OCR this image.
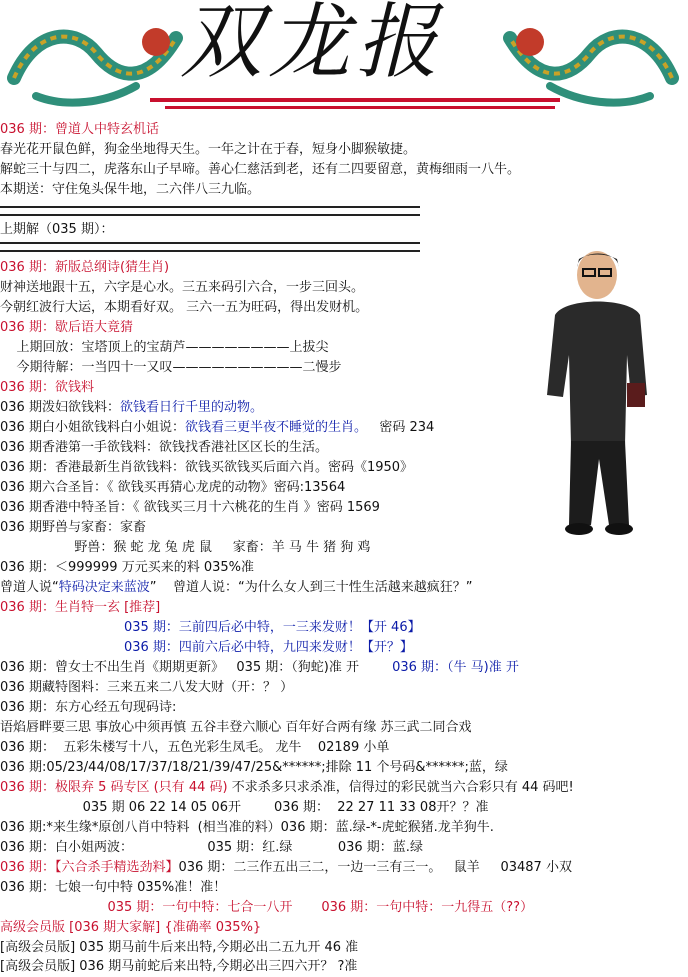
双龙报
036 期：曾道人中特玄机话
春光花开鼠色鲜，狗金坐地得天生。一年之计在于春，短身小脚猴敏捷。
解蛇三十与四二，虎落东山子早啼。善心仁慈活到老，还有二四要留意，黄梅细雨一八牛。
本期送：守住兔头保牛地，二六伴八三九临。
上期解（035 期）：
036 期：新版总纲诗(猜生肖)
财神送地跟十五，六字是心水。三五来码引六合，一步三回头。
今朝红波行大运，本期看好双。 三六一五为旺码，得出发财机。
036 期：歇后语大竟猜
上期回放：宝塔顶上的宝葫芦————————上拔尖
今期待解：一当四十一又叹——————————二慢步
036 期：欲钱料
036 期泼妇欲钱料：欲钱看日行千里的动物。
036 期白小姐欲钱料白小姐说：欲钱看三更半夜不睡觉的生肖。   密码 234
036 期香港第一手欲钱料：欲钱找香港社区区长的生活。
036 期：香港最新生肖欲钱料：欲钱买欲钱买后面六肖。密码《1950》
036 期六合圣旨：《 欲钱买再猜心龙虎的动物》密码:13564
036 期香港中特圣旨：《 欲钱买三月十六桃花的生肖 》密码 1569
036 期野兽与家畜：家畜
野兽：猴 蛇 龙 兔 虎 鼠     家畜：羊 马 牛 猪 狗 鸡
036 期：＜999999 万元买来的料 035%准
曾道人说“特码决定来蓝波”    曾道人说：“为什么女人到三十性生活越来越疯狂？”
036 期：生肖特一玄 [推荐]
035 期：三前四后必中特，一三来发财！【开 46】
036 期：四前六后必中特，九四来发财！【开？】
036 期：曾女士不出生肖《期期更新》   035 期：（狗蛇)准 开        036 期：（牛 马)准 开
036 期藏特图料：三来五来二八发大财（开：？ ）
036 期：东方心经五句现码诗:
语焰唇畔要三思 事放心中须再慎 五谷丰登六顺心 百年好合两有缘 苏三武二同合戏
036 期：  五彩朱楼写十八，五色光彩生凤毛。 龙牛    02189 小单
036 期:05/23/44/08/17/37/18/21/39/47/25&******;排除 11 个号码&******;蓝，绿
036 期：极限弃 5 码专区 (只有 44 码) 不求杀多只求杀准，信得过的彩民就当六合彩只有 44 码吧!
035 期 06 22 14 05 06开        036 期：  22 27 11 33 08开？？准
036 期:*来生缘*原创八肖中特料  (相当准的料）036 期：蓝.绿-*-虎蛇猴猪.龙羊狗牛.
036 期：白小姐两波：                  035 期：红.绿           036 期：蓝.绿
036 期：【六合杀手精选劲料】036 期：二三作五出三二，一边一三有三一。   鼠羊     03487 小双
036 期：七娘一句中特 035%准！准！
035 期：一句中特：七合一八开       036 期：一句中特：一九得五（??）
高级会员版 [036 期大家解] {准确率 035%}
[高级会员版] 035 期马前牛后来出特,今期必出二五九开 46 准
[高级会员版] 036 期马前蛇后来出特,今期必出三四六开？ ?准
